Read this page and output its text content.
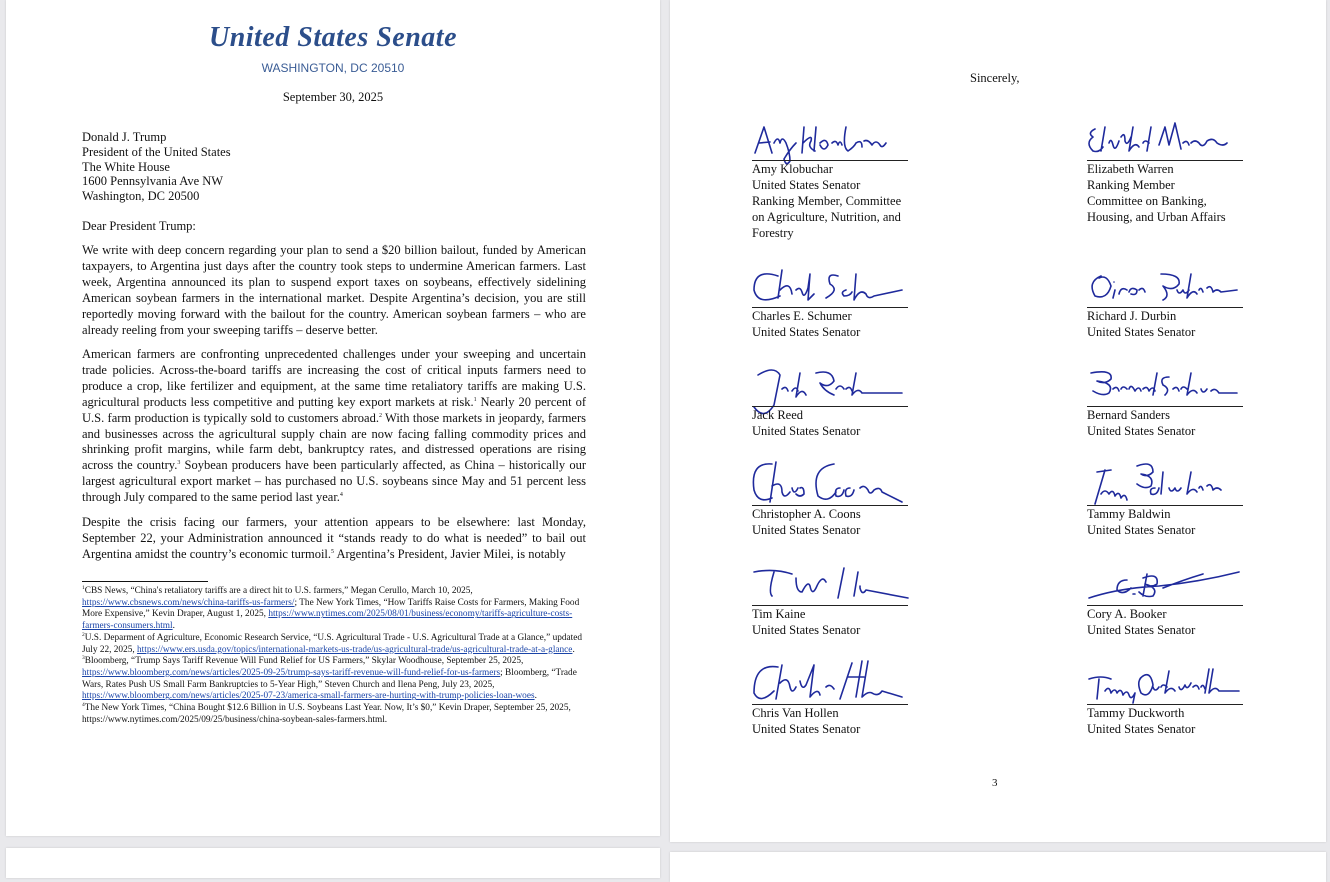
United States Senate
WASHINGTON, DC 20510
September 30, 2025
Donald J. Trump
President of the United States
The White House
1600 Pennsylvania Ave NW
Washington, DC 20500
Dear President Trump:
We write with deep concern regarding your plan to send a $20 billion bailout, funded by American taxpayers, to Argentina just days after the country took steps to undermine American farmers. Last week, Argentina announced its plan to suspend export taxes on soybeans, effectively sidelining American soybean farmers in the international market. Despite Argentina’s decision, you are still reportedly moving forward with the bailout for the country. American soybean farmers – who are already reeling from your sweeping tariffs – deserve better.
American farmers are confronting unprecedented challenges under your sweeping and uncertain trade policies. Across-the-board tariffs are increasing the cost of critical inputs farmers need to produce a crop, like fertilizer and equipment, at the same time retaliatory tariffs are making U.S. agricultural products less competitive and putting key export markets at risk.$^1$ Nearly 20 percent of U.S. farm production is typically sold to customers abroad.$^2$ With those markets in jeopardy, farmers and businesses across the agricultural supply chain are now facing falling commodity prices and shrinking profit margins, while farm debt, bankruptcy rates, and distressed operations are rising across the country.$^3$ Soybean producers have been particularly affected, as China – historically our largest agricultural export market – has purchased no U.S. soybeans since May and 51 percent less through July compared to the same period last year.$^4$
Despite the crisis facing our farmers, your attention appears to be elsewhere: last Monday, September 22, your Administration announced it “stands ready to do what is needed” to bail out Argentina amidst the country’s economic turmoil.$^5$ Argentina’s President, Javier Milei, is notably

$^1$CBS News, “China's retaliatory tariffs are a direct hit to U.S. farmers,” Megan Cerullo, March 10, 2025, https://www.cbsnews.com/news/china-tariffs-us-farmers/; The New York Times, “How Tariffs Raise Costs for Farmers, Making Food More Expensive,” Kevin Draper, August 1, 2025, https://www.nytimes.com/2025/08/01/business/economy/tariffs-agriculture-costs-farmers-consumers.html.

$^2$U.S. Deparment of Agriculture, Economic Research Service, “U.S. Agricultural Trade - U.S. Agricultural Trade at a Glance,” updated July 22, 2025, https://www.ers.usda.gov/topics/international-markets-us-trade/us-agricultural-trade/us-agricultural-trade-at-a-glance.

$^3$Bloomberg, “Trump Says Tariff Revenue Will Fund Relief for US Farmers,” Skylar Woodhouse, September 25, 2025, https://www.bloomberg.com/news/articles/2025-09-25/trump-says-tariff-revenue-will-fund-relief-for-us-farmers; Bloomberg, “Trade Wars, Rates Push US Small Farm Bankruptcies to 5-Year High,” Steven Church and Ilena Peng, July 23, 2025, https://www.bloomberg.com/news/articles/2025-07-23/america-small-farmers-are-hurting-with-trump-policies-loan-woes.

$^4$The New York Times, “China Bought $12.6 Billion in U.S. Soybeans Last Year. Now, It’s $0,” Kevin Draper, September 25, 2025, https://www.nytimes.com/2025/09/25/business/china-soybean-sales-farmers.html.

Sincerely,
Amy Klobuchar
United States Senator
Ranking Member, Committee
on Agriculture, Nutrition, and
Forestry
Elizabeth Warren
Ranking Member
Committee on Banking,
Housing, and Urban Affairs
Charles E. Schumer
United States Senator
Richard J. Durbin
United States Senator
Jack Reed
United States Senator
Bernard Sanders
United States Senator
Christopher A. Coons
United States Senator
Tammy Baldwin
United States Senator
Tim Kaine
United States Senator
Cory A. Booker
United States Senator
Chris Van Hollen
United States Senator
Tammy Duckworth
United States Senator
3
